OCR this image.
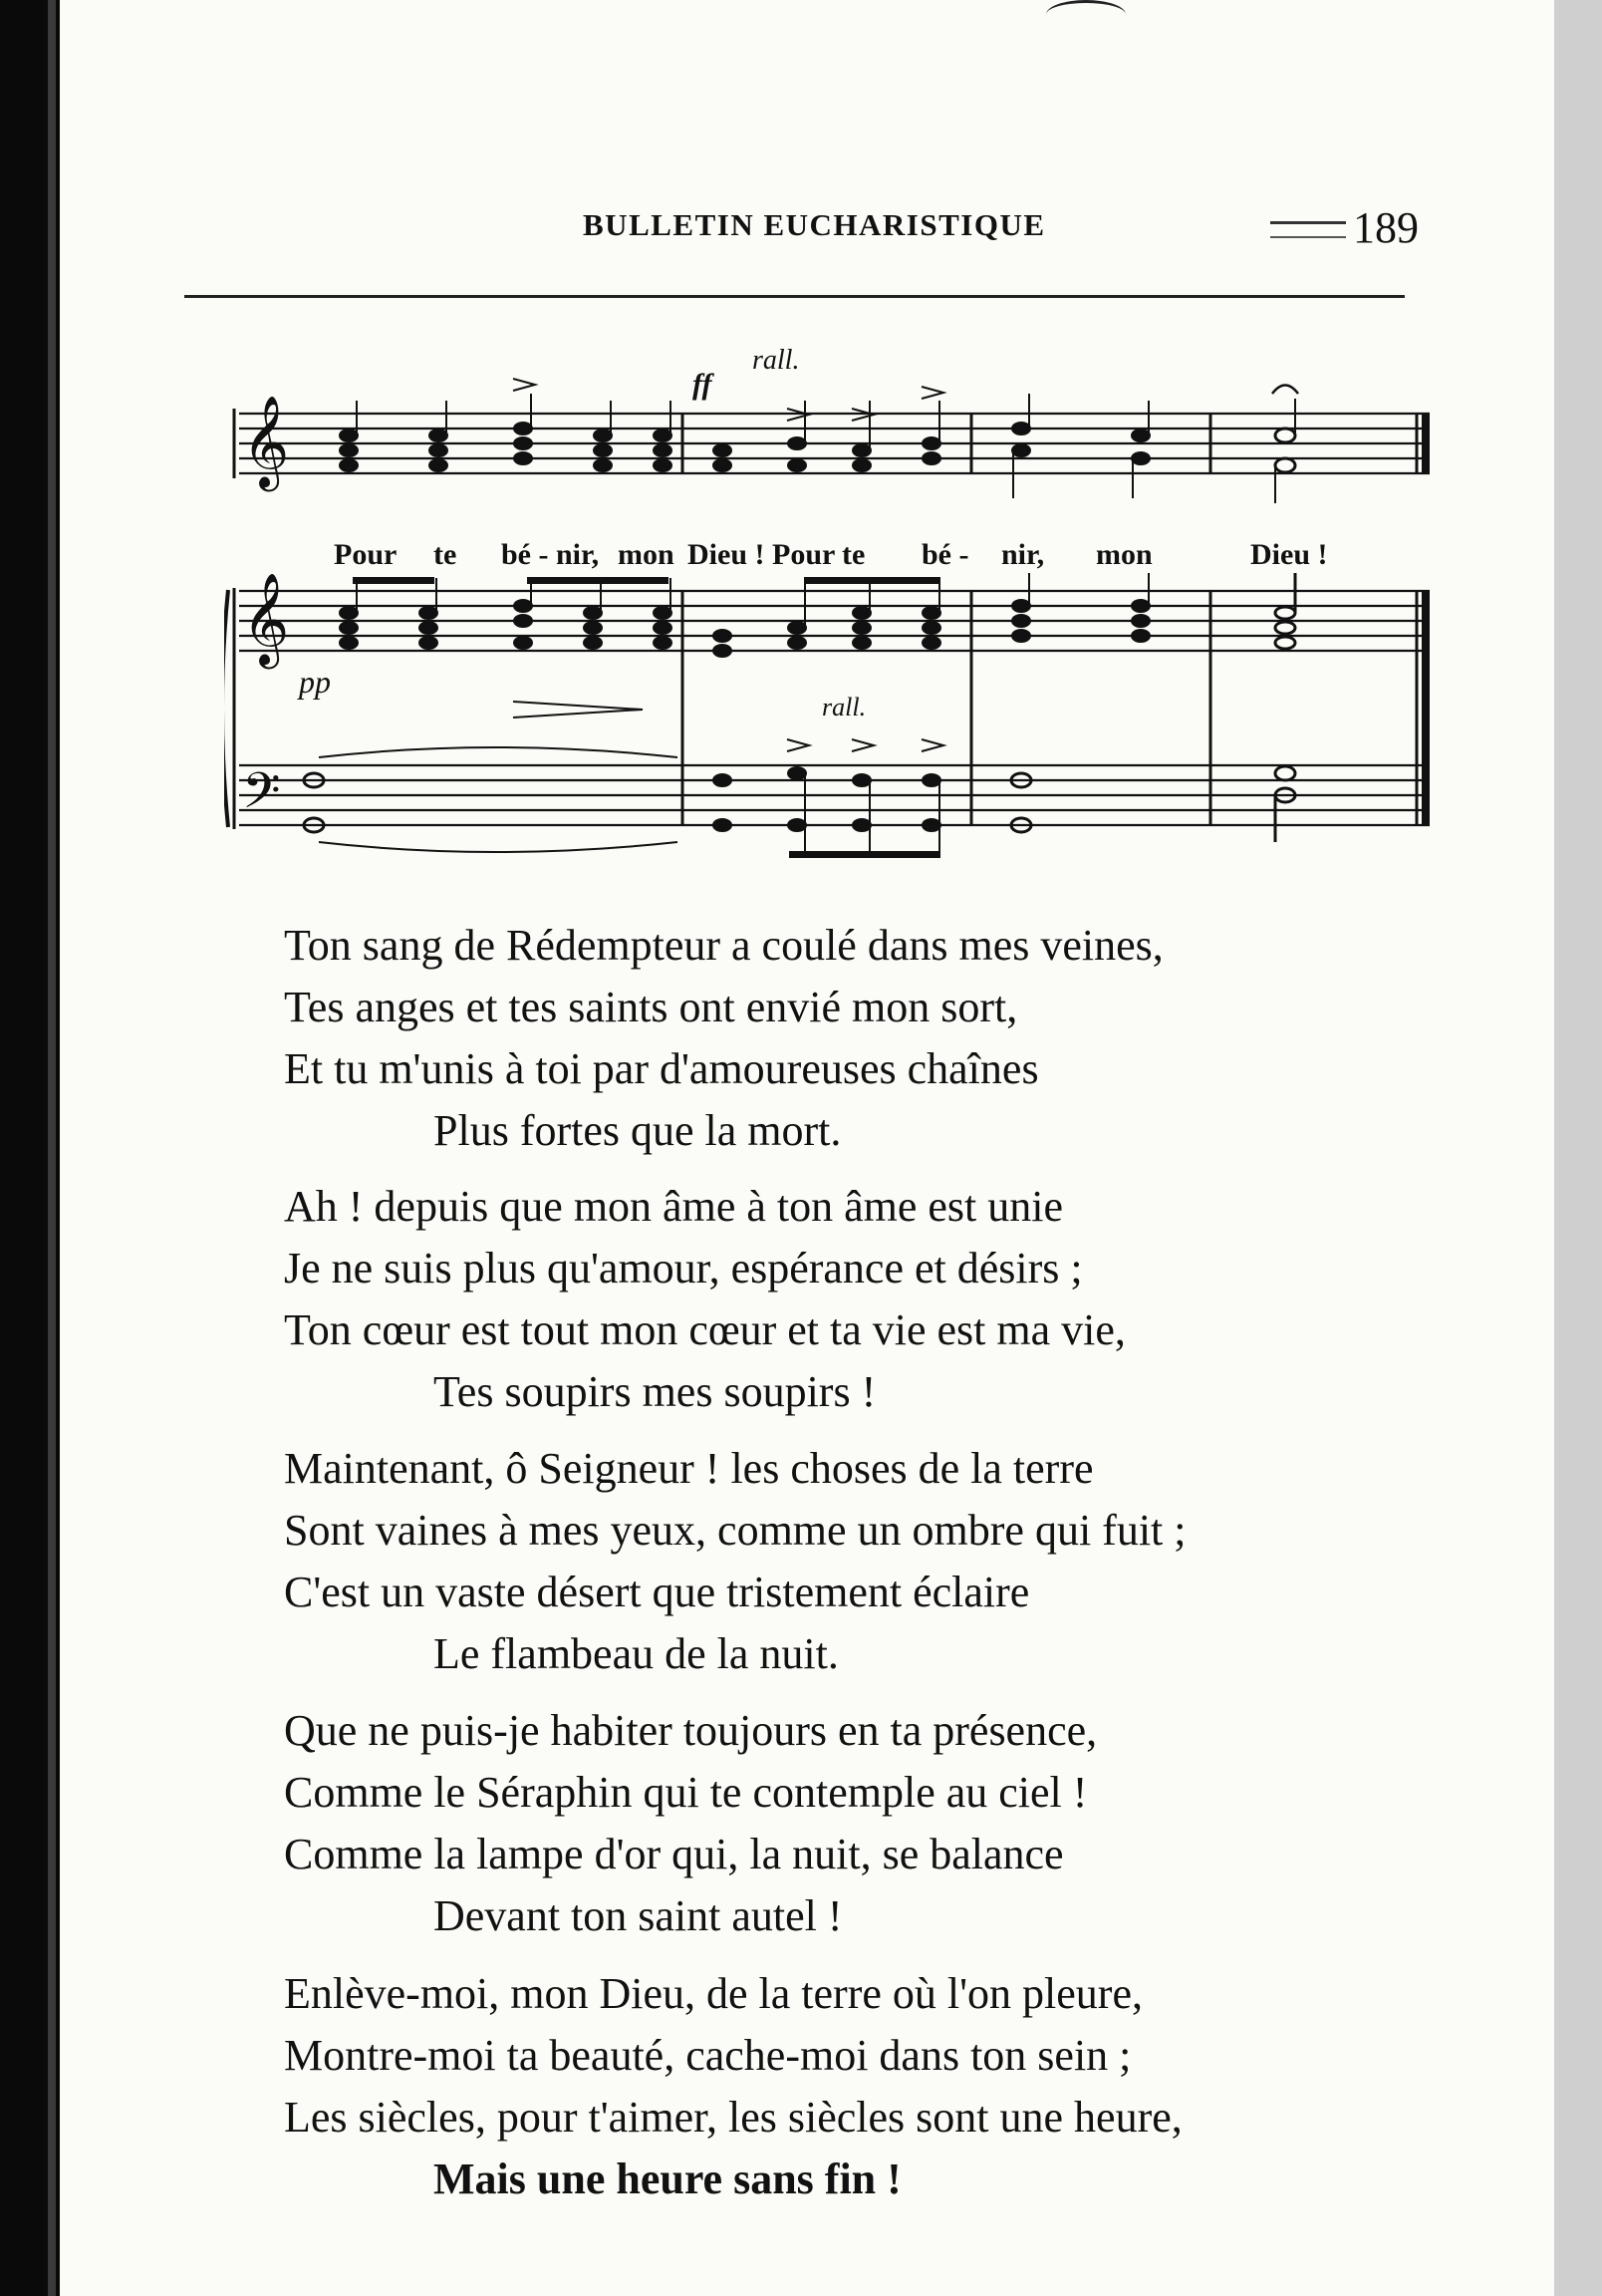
BULLETIN EUCHARISTIQUE	189
𝄞
𝄞
𝄢
ff
rall.
pp
rall.
Pour te bé - nir, mon Dieu ! Pour te bé - nir, mon	Dieu !
Ton sang de Rédempteur a coulé dans mes veines,
Tes anges et tes saints ont envié mon sort,
Et tu m'unis à toi par d'amoureuses chaînes
Plus fortes que la mort.
Ah ! depuis que mon âme à ton âme est unie
Je ne suis plus qu'amour, espérance et désirs ;
Ton cœur est tout mon cœur et ta vie est ma vie,
Tes soupirs mes soupirs !
Maintenant, ô Seigneur ! les choses de la terre
Sont vaines à mes yeux, comme un ombre qui fuit ;
C'est un vaste désert que tristement éclaire
Le flambeau de la nuit.
Que ne puis-je habiter toujours en ta présence,
Comme le Séraphin qui te contemple au ciel !
Comme la lampe d'or qui, la nuit, se balance
Devant ton saint autel !
Enlève-moi, mon Dieu, de la terre où l'on pleure,
Montre-moi ta beauté, cache-moi dans ton sein ;
Les siècles, pour t'aimer, les siècles sont une heure,
Mais une heure sans fin !
